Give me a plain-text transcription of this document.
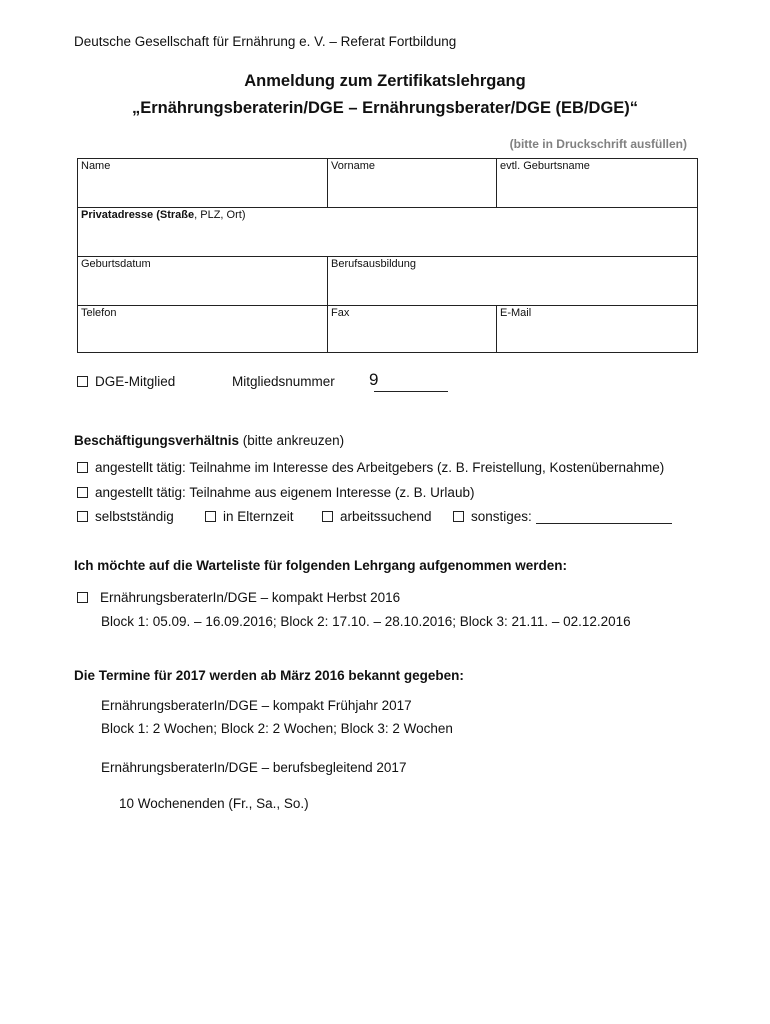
Deutsche Gesellschaft für Ernährung e. V. – Referat Fortbildung
Anmeldung zum Zertifikatslehrgang
„Ernährungsberaterin/DGE – Ernährungsberater/DGE (EB/DGE)“
(bitte in Druckschrift ausfüllen)
Name	Vorname	evtl. Geburtsname
Privatadresse (Straße, PLZ, Ort)
Geburtsdatum	Berufsausbildung
Telefon	Fax	E-Mail
DGE-Mitglied	Mitgliedsnummer 9
Beschäftigungsverhältnis (bitte ankreuzen)
angestellt tätig: Teilnahme im Interesse des Arbeitgebers (z. B. Freistellung, Kostenübernahme)
angestellt tätig: Teilnahme aus eigenem Interesse (z. B. Urlaub)
selbstständig	in Elternzeit	arbeitssuchend	sonstiges:
Ich möchte auf die Warteliste für folgenden Lehrgang aufgenommen werden:
ErnährungsberaterIn/DGE – kompakt Herbst 2016
Block 1: 05.09. – 16.09.2016; Block 2: 17.10. – 28.10.2016; Block 3: 21.11. – 02.12.2016
Die Termine für 2017 werden ab März 2016 bekannt gegeben:
ErnährungsberaterIn/DGE – kompakt Frühjahr 2017
Block 1: 2 Wochen; Block 2: 2 Wochen; Block 3: 2 Wochen
ErnährungsberaterIn/DGE – berufsbegleitend 2017
10 Wochenenden (Fr., Sa., So.)
